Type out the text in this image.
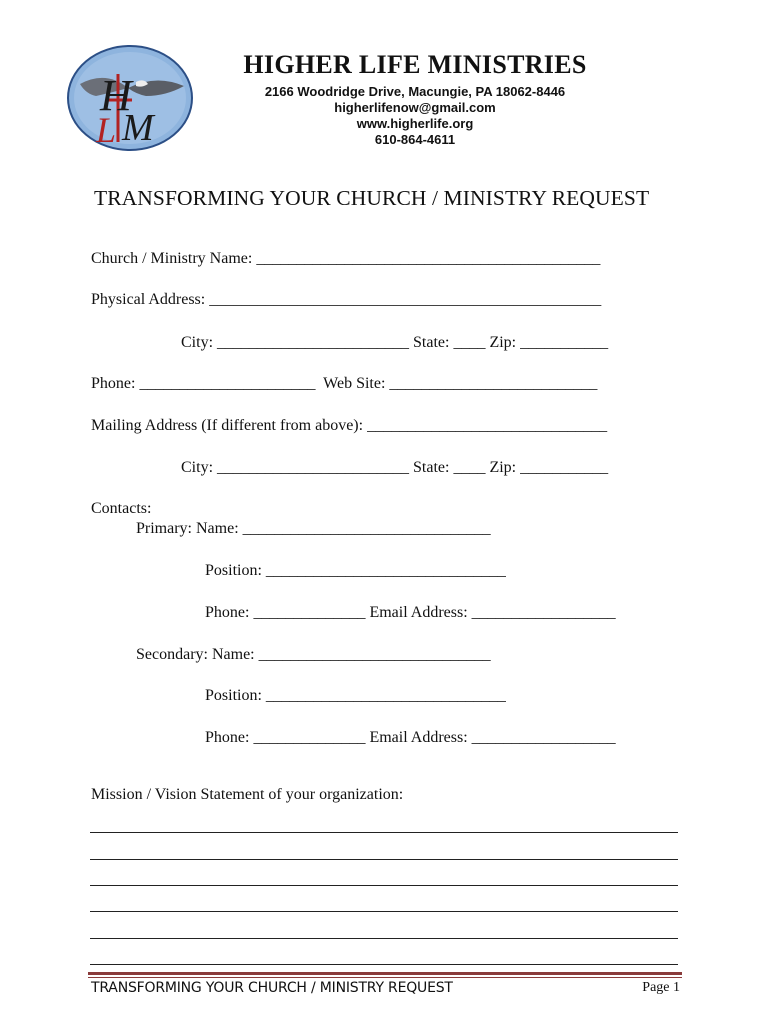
H
L M
HIGHER LIFE MINISTRIES
2166 Woodridge Drive, Macungie, PA 18062-8446
higherlifenow@gmail.com
www.higherlife.org
610-864-4611
TRANSFORMING YOUR CHURCH / MINISTRY REQUEST
Church / Ministry Name: ___________________________________________
Physical Address: _________________________________________________
City: ________________________ State: ____ Zip: ___________
Phone: ______________________  Web Site: __________________________
Mailing Address (If different from above): ______________________________
City: ________________________ State: ____ Zip: ___________
Contacts:
Primary: Name: _______________________________
Position: ______________________________
Phone: ______________ Email Address: __________________
Secondary: Name: _____________________________
Position: ______________________________
Phone: ______________ Email Address: __________________
Mission / Vision Statement of your organization:
TRANSFORMING YOUR CHURCH / MINISTRY REQUEST	Page 1
